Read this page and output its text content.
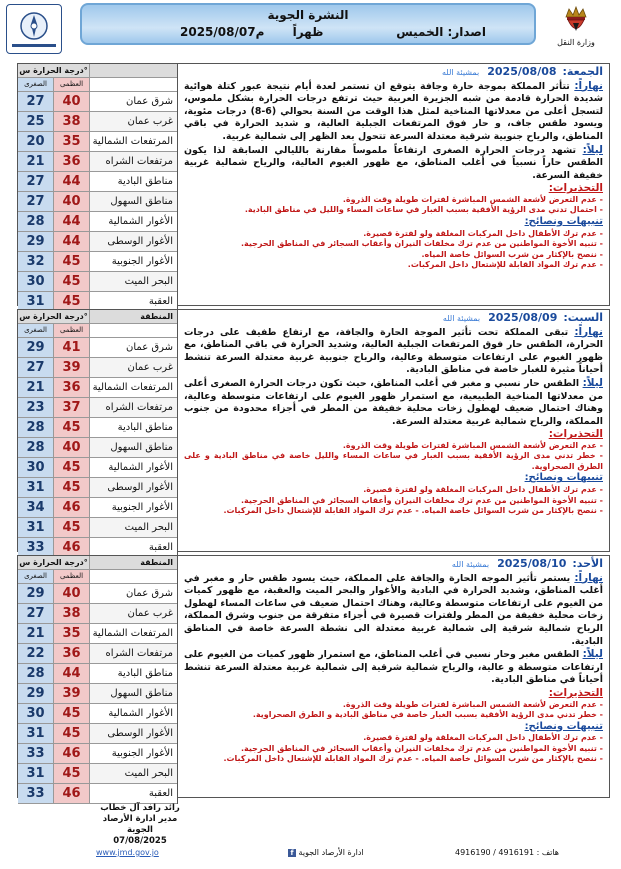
النشرة الجوية
ظهراً
2025/08/07م	اصدار: الخميس
وزارة النقل
درجة الحرارة س°
الصغرى	العظمى
27	40	شرق عمان
25	38	غرب عمان
20	35	المرتفعات الشمالية
21	36	مرتفعات الشراه
27	44	مناطق البادية
27	40	مناطق السهول
28	44	الأغوار الشمالية
29	44	الأغوار الوسطى
32	45	الأغوار الجنوبية
30	45	البحر الميت
31	45	العقبة
الجمعة:2025/08/08بمشيئة الله
نهاراً: تتأثر المملكة بموجة حارة وجافة يتوقع ان تستمر لعدة أيام نتيجة عبور كتلة هوائية شديدة الحرارة قادمة من شبه الجزيرة العربية حيث ترتفع درجات الحرارة بشكل ملموس، لتسجل أعلى من معدلاتها المناخية لمثل هذا الوقت من السنة بحوالي (6-8) درجات مئوية، ويسود طقس جاف، و حار فوق المرتفعات الجبلية العالية، و شديد الحرارة في باقي المناطق، والرياح جنوبية شرقية معتدلة السرعة تتحول بعد الظهر إلى شمالية غربية.
ليلاً: تشهد درجات الحرارة الصغرى ارتفاعاً ملموساً مقارنة بالليالي السابقة لذا يكون الطقس حاراً نسبياً في أغلب المناطق، مع ظهور الغيوم العالية، والرياح شمالية غربية خفيفة السرعة.
التحذيرات:
- عدم التعرض لأشعة الشمس المباشرة لفترات طويلة وقت الذروة.
- احتمال تدني مدى الرؤية الأفقية بسبب الغبار في ساعات المساء والليل في مناطق البادية.
تنبيهات ونصائح:
- عدم ترك الأطفال داخل المركبات المغلقة ولو لفترة قصيرة.
- تنبيه الأخوة المواطنين من عدم ترك مخلفات النيران وأعقاب السجائر في المناطق الحرجية.
- ننصح بالإكثار من شرب السوائل خاصة المياه.
- عدم ترك المواد القابلة للإشتعال داخل المركبات.
درجة الحرارة س°	المنطقة
الصغرى	العظمى
29	41	شرق عمان
27	39	غرب عمان
21	36	المرتفعات الشمالية
23	37	مرتفعات الشراه
28	45	مناطق البادية
28	40	مناطق السهول
30	45	الأغوار الشمالية
31	45	الأغوار الوسطى
34	46	الأغوار الجنوبية
31	45	البحر الميت
33	46	العقبة
السبت:2025/08/09بمشيئة الله
نهاراً: تبقى المملكة تحت تأثير الموجة الحارة والجافة، مع ارتفاع طفيف على درجات الحرارة، الطقس حار فوق المرتفعات الجبلية العالية، وشديد الحرارة في باقي المناطق، مع ظهور الغيوم على ارتفاعات متوسطة وعالية، والرياح جنوبية غربية معتدلة السرعة تنشط أحياناً مثيرة للغبار خاصة في مناطق البادية.
ليلاً: الطقس حار نسبي و مغبر في أغلب المناطق، حيث تكون درجات الحرارة الصغرى أعلى من معدلاتها المناخية الطبيعية، مع استمرار ظهور الغيوم على ارتفاعات متوسطة وعالية، وهناك احتمال ضعيف لهطول زخات محلية خفيفة من المطر في أجزاء محدودة من جنوب المملكة، والرياح شمالية غربية معتدلة السرعة.
التحذيرات:
- عدم التعرض لأشعة الشمس المباشرة لفترات طويلة وقت الذروة.
- خطر تدني مدى الرؤية الأفقية بسبب الغبار في ساعات المساء والليل خاصة في مناطق البادية و على الطرق الصحراوية.
تنبيهات ونصائح:
- عدم ترك الأطفال داخل المركبات المغلقة ولو لفترة قصيرة.
- تنبيه الأخوة المواطنين من عدم ترك مخلفات النيران وأعقاب السجائر في المناطق الحرجية.
- ننصح بالإكثار من شرب السوائل خاصة المياه. - عدم ترك المواد القابلة للإشتعال داخل المركبات.
درجة الحرارة س°	المنطقة
الصغرى	العظمى
29	40	شرق عمان
27	38	غرب عمان
21	35	المرتفعات الشمالية
22	36	مرتفعات الشراه
28	44	مناطق البادية
29	39	مناطق السهول
30	45	الأغوار الشمالية
31	45	الأغوار الوسطى
33	46	الأغوار الجنوبية
31	45	البحر الميت
33	46	العقبة
الأحد:2025/08/10بمشيئة الله
نهاراً: يستمر تأثير الموجه الحارة والجافة على المملكة، حيث يسود طقس حار و مغبر في أغلب المناطق، وشديد الحرارة في البادية والأغوار والبحر الميت والعقبة، مع ظهور كميات من الغيوم على ارتفاعات متوسطة وعالية، وهناك احتمال ضعيف في ساعات المساء لهطول زخات محلية خفيفة من المطر ولفترات قصيرة في أجزاء متفرقة من جنوب وشرق المملكة، الرياح شمالية شرقية إلى شمالية غربية معتدلة الى نشطة السرعة خاصة في المناطق البادية.
ليلاً: الطقس مغبر وحار نسبي في أغلب المناطق، مع استمرار ظهور كميات من الغيوم على ارتفاعات متوسطة و عالية، والرياح شمالية شرقية إلى شمالية غربية معتدلة السرعة تنشط أحياناً في مناطق البادية.
التحذيرات:
- عدم التعرض لأشعة الشمس المباشرة لفترات طويلة وقت الذروة.
- خطر تدني مدى الرؤية الأفقية بسبب الغبار خاصة في مناطق البادية و الطرق الصحراوية.
تنبيهات ونصائح:
- عدم ترك الأطفال داخل المركبات المغلقة ولو لفترة قصيرة.
- تنبيه الأخوة المواطنين من عدم ترك مخلفات النيران وأعقاب السجائر في المناطق الحرجية.
- ننصح بالإكثار من شرب السوائل خاصة المياه. - عدم ترك المواد القابلة للإشتعال داخل المركبات.
رائد رافد آل خطاب
مدير ادارة الأرصاد الجوية
07/08/2025
www.jmd.gov.jo	f ادارة الأرصاد الجوية	هاتف : 4916191 / 4916190
